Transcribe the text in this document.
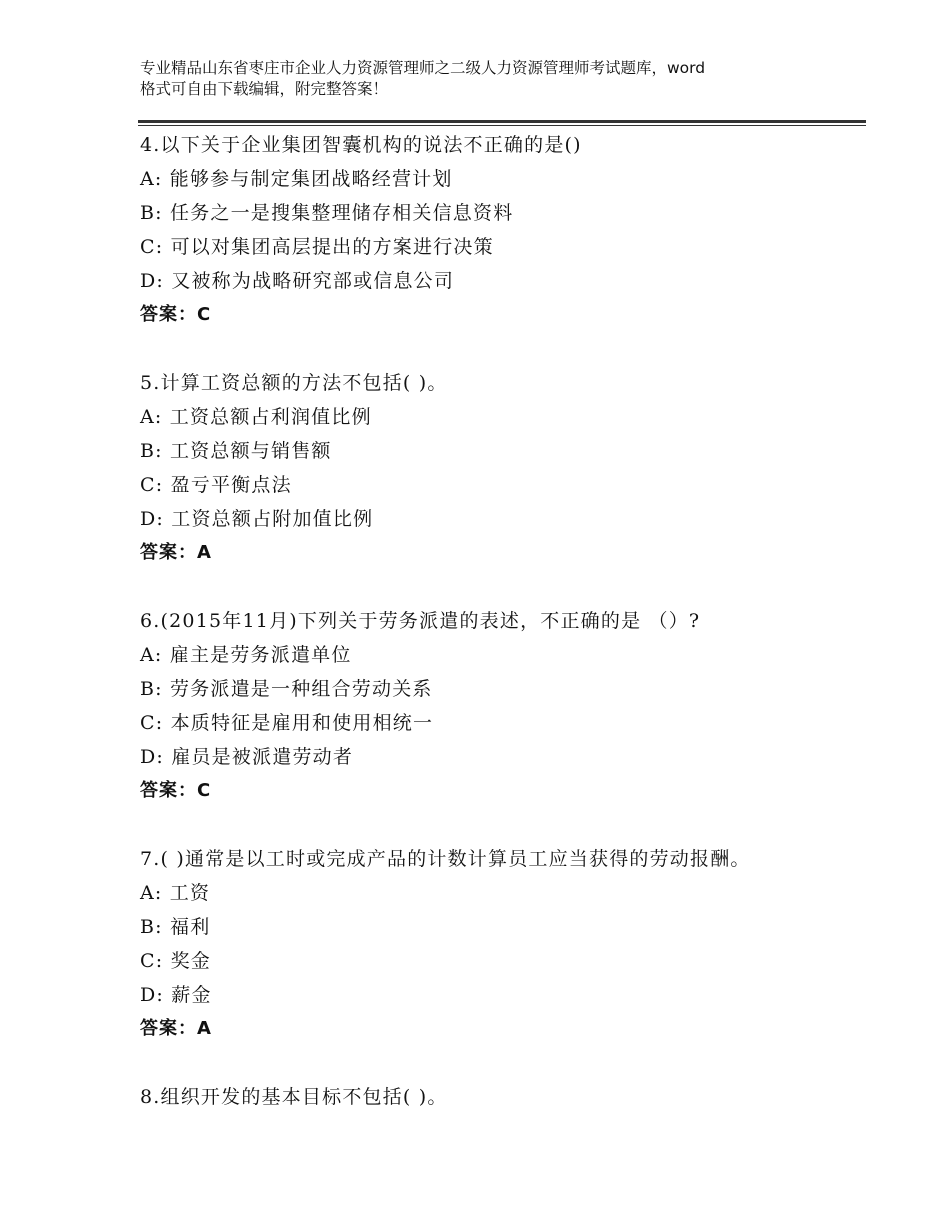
专业精品山东省枣庄市企业人力资源管理师之二级人力资源管理师考试题库，word
格式可自由下载编辑，附完整答案！
4.以下关于企业集团智囊机构的说法不正确的是()
A: 能够参与制定集团战略经营计划
B: 任务之一是搜集整理储存相关信息资料
C: 可以对集团高层提出的方案进行决策
D: 又被称为战略研究部或信息公司
答案：C
5.计算工资总额的方法不包括( )。
A: 工资总额占利润值比例
B: 工资总额与销售额
C: 盈亏平衡点法
D: 工资总额占附加值比例
答案：A
6.(2015年11月)下列关于劳务派遣的表述，不正确的是 （）?
A: 雇主是劳务派遣单位
B: 劳务派遣是一种组合劳动关系
C: 本质特征是雇用和使用相统一
D: 雇员是被派遣劳动者
答案：C
7.( )通常是以工时或完成产品的计数计算员工应当获得的劳动报酬。
A: 工资
B: 福利
C: 奖金
D: 薪金
答案：A
8.组织开发的基本目标不包括( )。
